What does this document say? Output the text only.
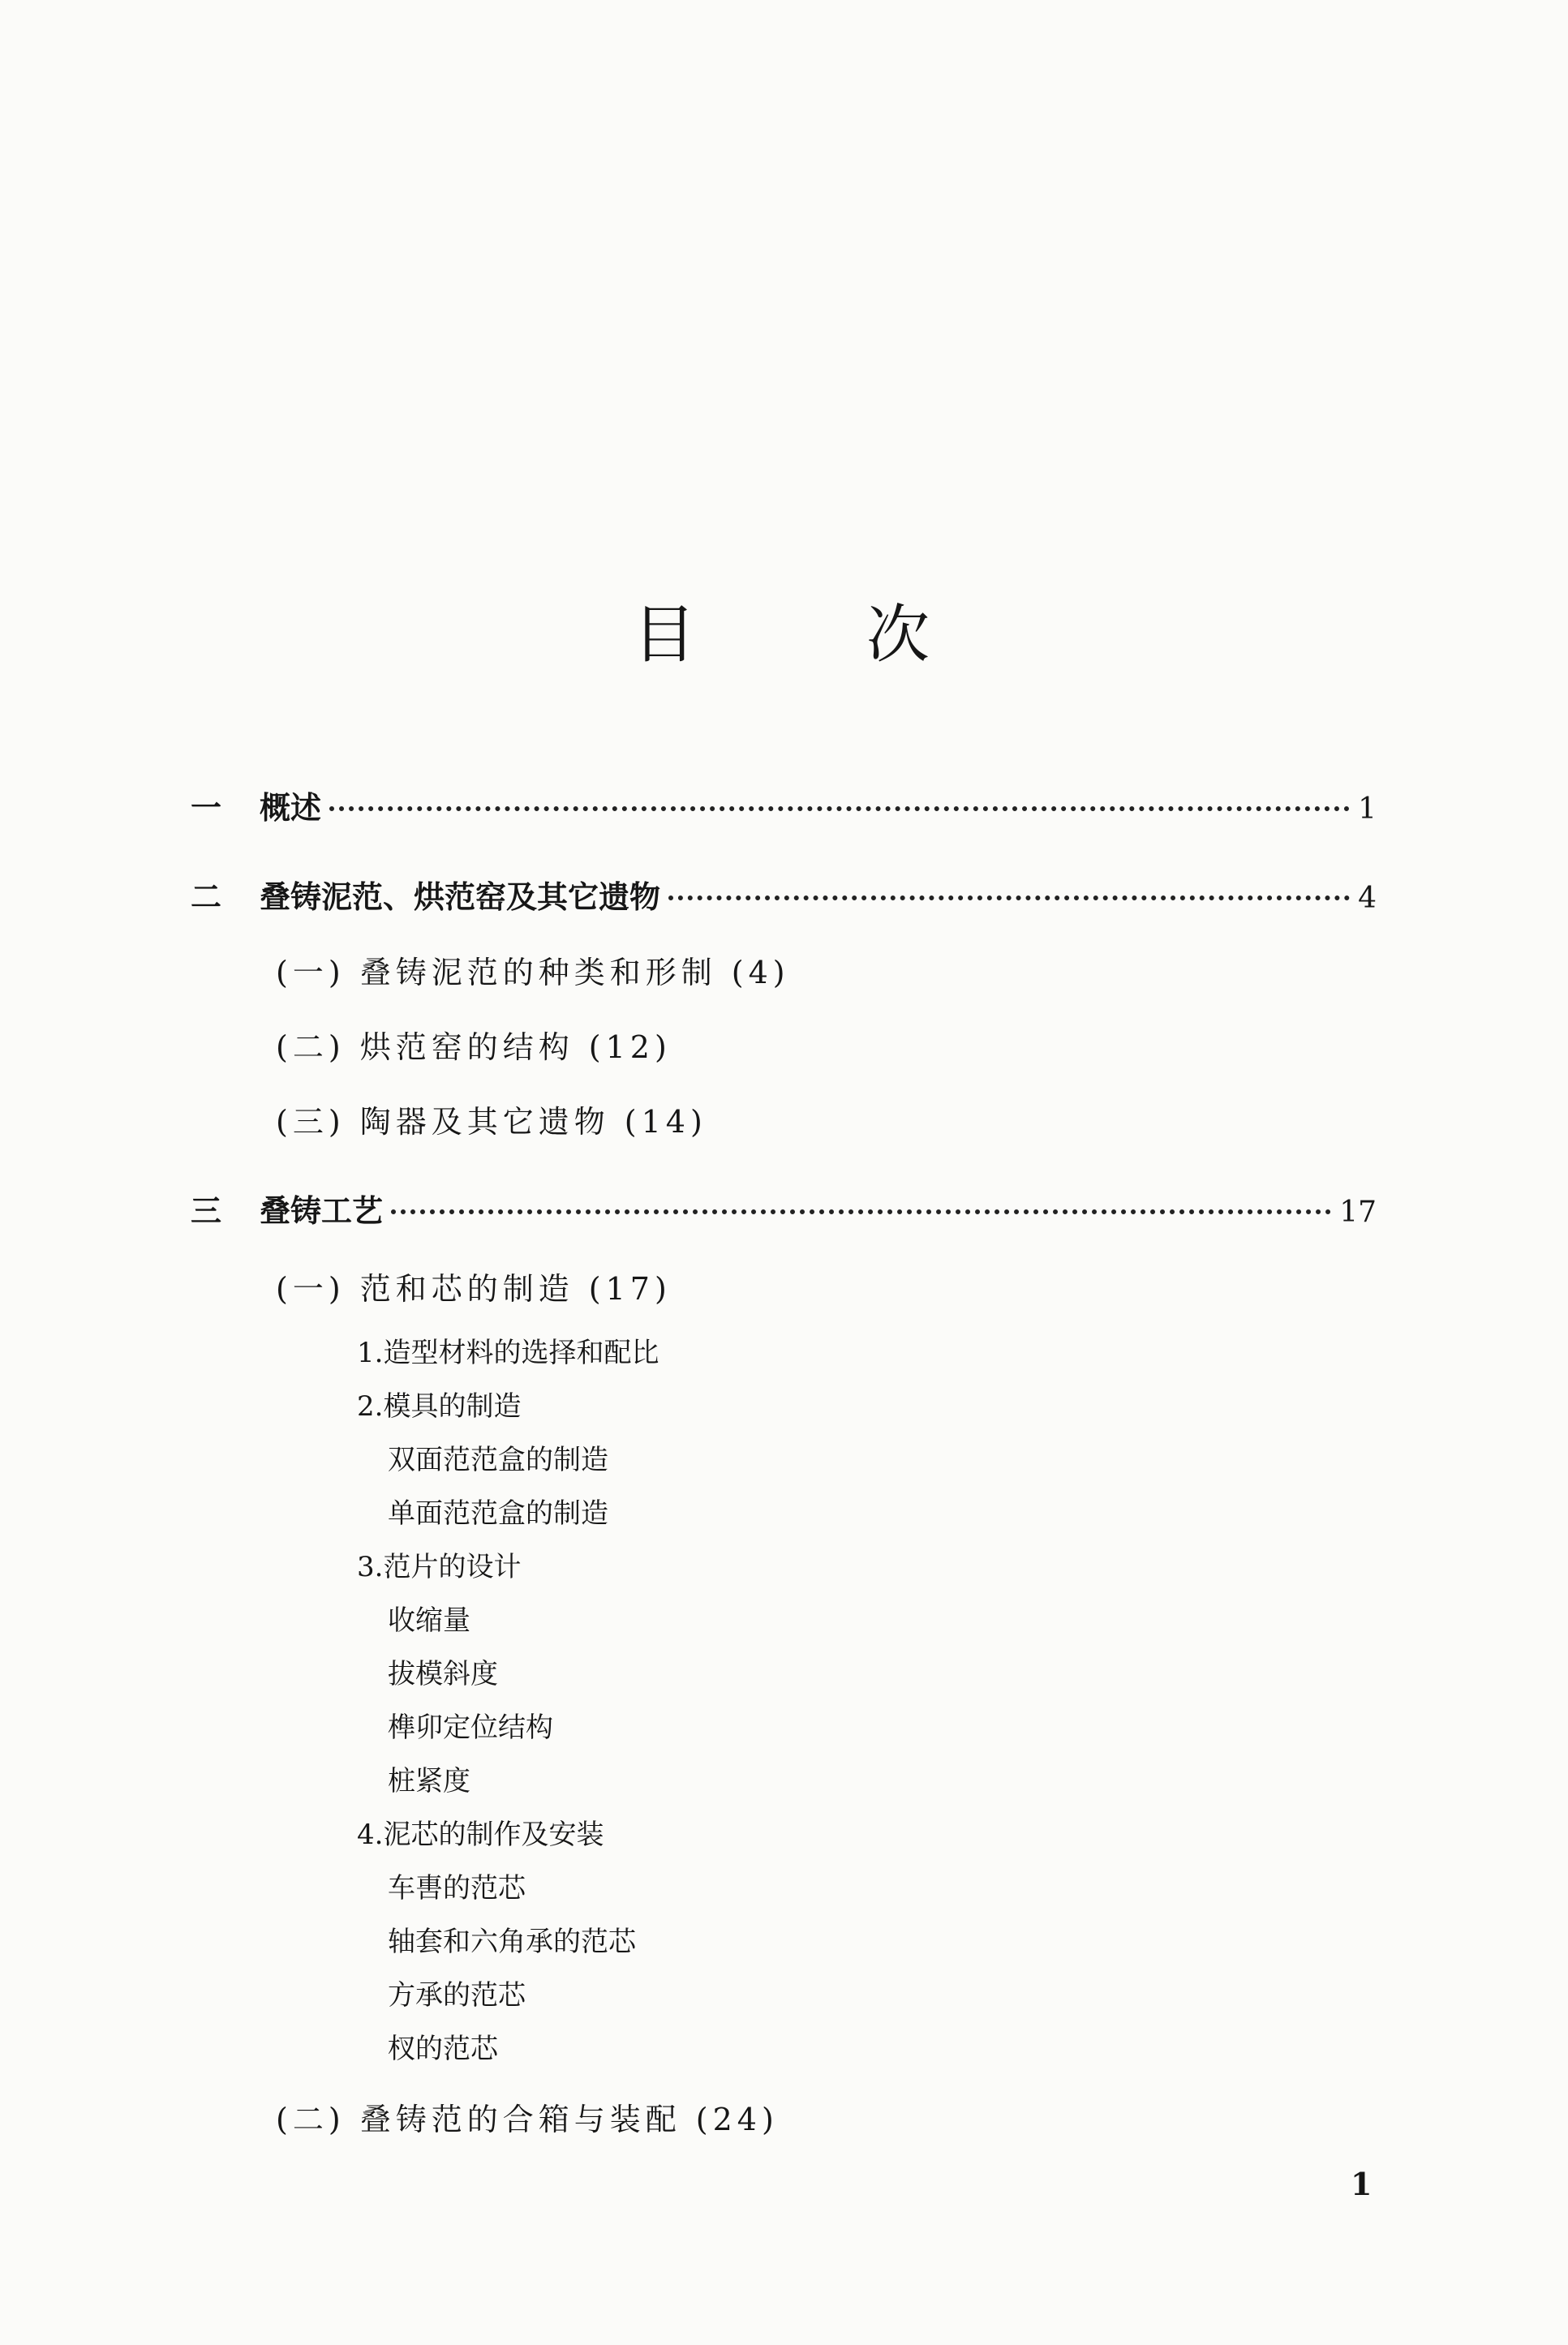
目	次
一	概述	1
二	叠铸泥范、烘范窑及其它遗物	4
(一) 叠铸泥范的种类和形制 (4)
(二) 烘范窑的结构 (12)
(三) 陶器及其它遗物 (14)
三	叠铸工艺	17
(一) 范和芯的制造 (17)
1.造型材料的选择和配比
2.模具的制造
双面范范盒的制造
单面范范盒的制造
3.范片的设计
收缩量
拔模斜度
榫卯定位结构
桩紧度
4.泥芯的制作及安装
车軎的范芯
轴套和六角承的范芯
方承的范芯
杈的范芯
(二) 叠铸范的合箱与装配 (24)
1
